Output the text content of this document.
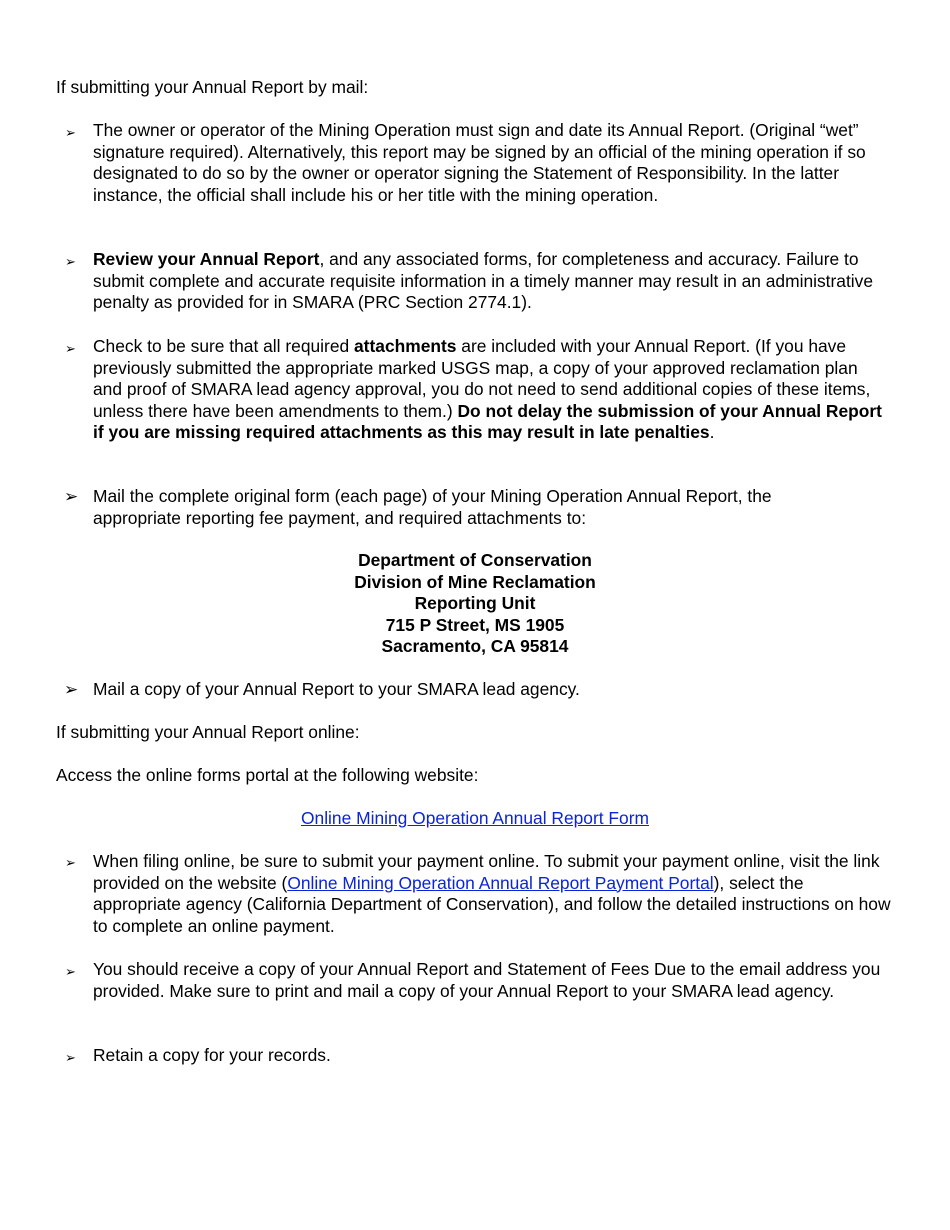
If submitting your Annual Report by mail:

➢ The owner or operator of the Mining Operation must sign and date its Annual Report. (Original “wet” signature required). Alternatively, this report may be signed by an official of the mining operation if so designated to do so by the owner or operator signing the Statement of Responsibility. In the latter instance, the official shall include his or her title with the mining operation.

➢ Review your Annual Report, and any associated forms, for completeness and accuracy. Failure to submit complete and accurate requisite information in a timely manner may result in an administrative penalty as provided for in SMARA (PRC Section 2774.1).

➢ Check to be sure that all required attachments are included with your Annual Report. (If you have previously submitted the appropriate marked USGS map, a copy of your approved reclamation plan and proof of SMARA lead agency approval, you do not need to send additional copies of these items, unless there have been amendments to them.) Do not delay the submission of your Annual Report if you are missing required attachments as this may result in late penalties.

➢ Mail the complete original form (each page) of your Mining Operation Annual Report, the appropriate reporting fee payment, and required attachments to:

Department of Conservation
Division of Mine Reclamation
Reporting Unit
715 P Street, MS 1905
Sacramento, CA 95814
➢ Mail a copy of your Annual Report to your SMARA lead agency.

If submitting your Annual Report online:

Access the online forms portal at the following website:

Online Mining Operation Annual Report Form

➢ When filing online, be sure to submit your payment online. To submit your payment online, visit the link provided on the website (Online Mining Operation Annual Report Payment Portal), select the appropriate agency (California Department of Conservation), and follow the detailed instructions on how to complete an online payment.

➢ You should receive a copy of your Annual Report and Statement of Fees Due to the email address you provided. Make sure to print and mail a copy of your Annual Report to your SMARA lead agency.

➢ Retain a copy for your records.
